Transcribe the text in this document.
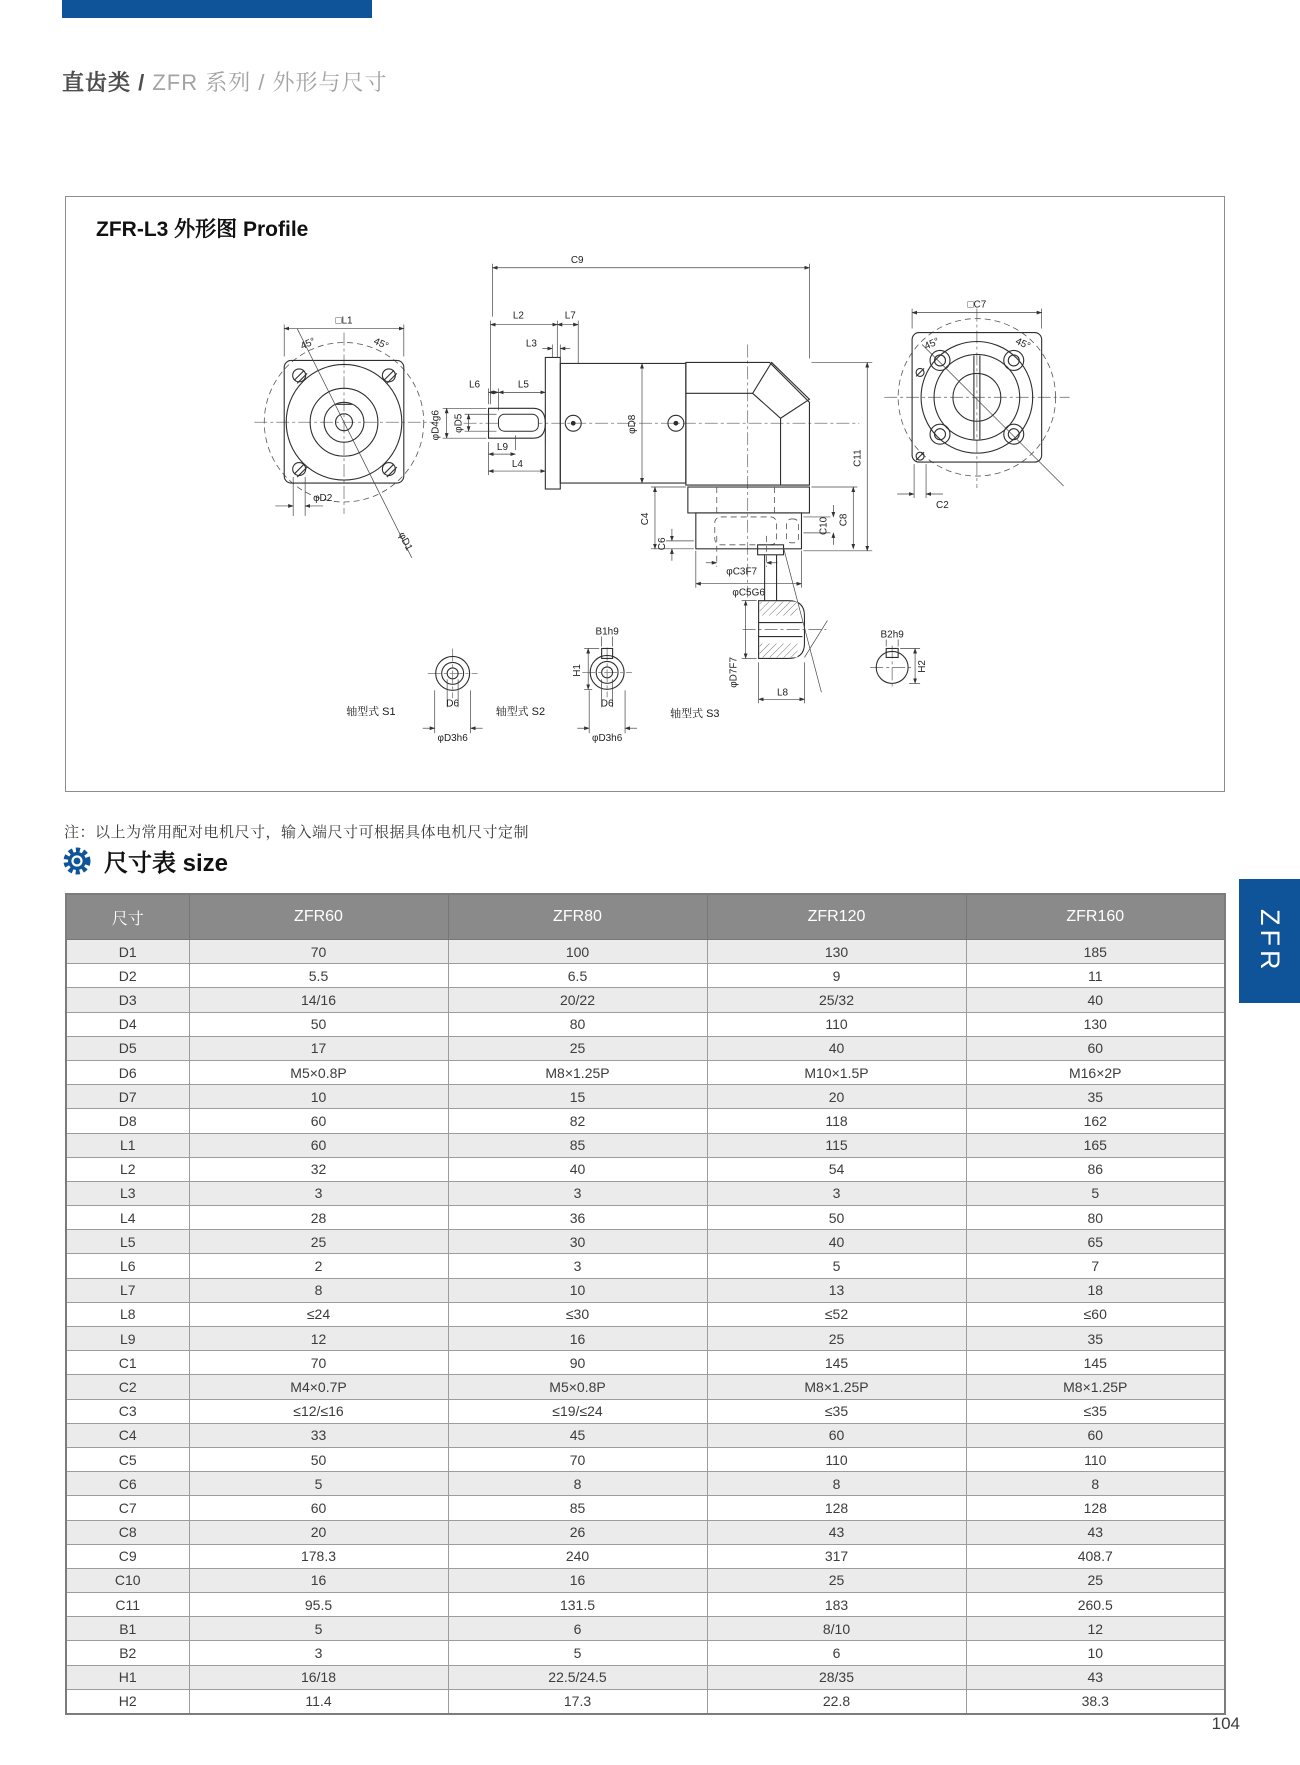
直齿类 / ZFR 系列 / 外形与尺寸
ZFR-L3 外形图 Profile
□L1
45°	45°
φD1
φD2
C9
L2	L7
L3
L6	L5
φD4g6 φD5
L9
L4
φD8
C11
C4
C6
C10 C8
φC3F7
φC5G6
□C7
45°	45°
C2
D6
φD3h6
轴型式 S1
B1h9
H1
D6
φD3h6
轴型式 S2
φD7F7
L8
轴型式 S3
B2h9
H2

注：以上为常用配对电机尺寸，输入端尺寸可根据具体电机尺寸定制

尺寸表 size
尺寸	ZFR60	ZFR80	ZFR120	ZFR160
D1	70	100	130	185
D2	5.5	6.5	9	11
D3	14/16	20/22	25/32	40
D4	50	80	110	130
D5	17	25	40	60
D6	M5×0.8P	M8×1.25P	M10×1.5P	M16×2P
D7	10	15	20	35
D8	60	82	118	162
L1	60	85	115	165
L2	32	40	54	86
L3	3	3	3	5
L4	28	36	50	80
L5	25	30	40	65
L6	2	3	5	7
L7	8	10	13	18
L8	≤24	≤30	≤52	≤60
L9	12	16	25	35
C1	70	90	145	145
C2	M4×0.7P	M5×0.8P	M8×1.25P	M8×1.25P
C3	≤12/≤16	≤19/≤24	≤35	≤35
C4	33	45	60	60
C5	50	70	110	110
C6	5	8	8	8
C7	60	85	128	128
C8	20	26	43	43
C9	178.3	240	317	408.7
C10	16	16	25	25
C11	95.5	131.5	183	260.5
B1	5	6	8/10	12
B2	3	5	6	10
H1	16/18	22.5/24.5	28/35	43
H2	11.4	17.3	22.8	38.3
ZFR
104
